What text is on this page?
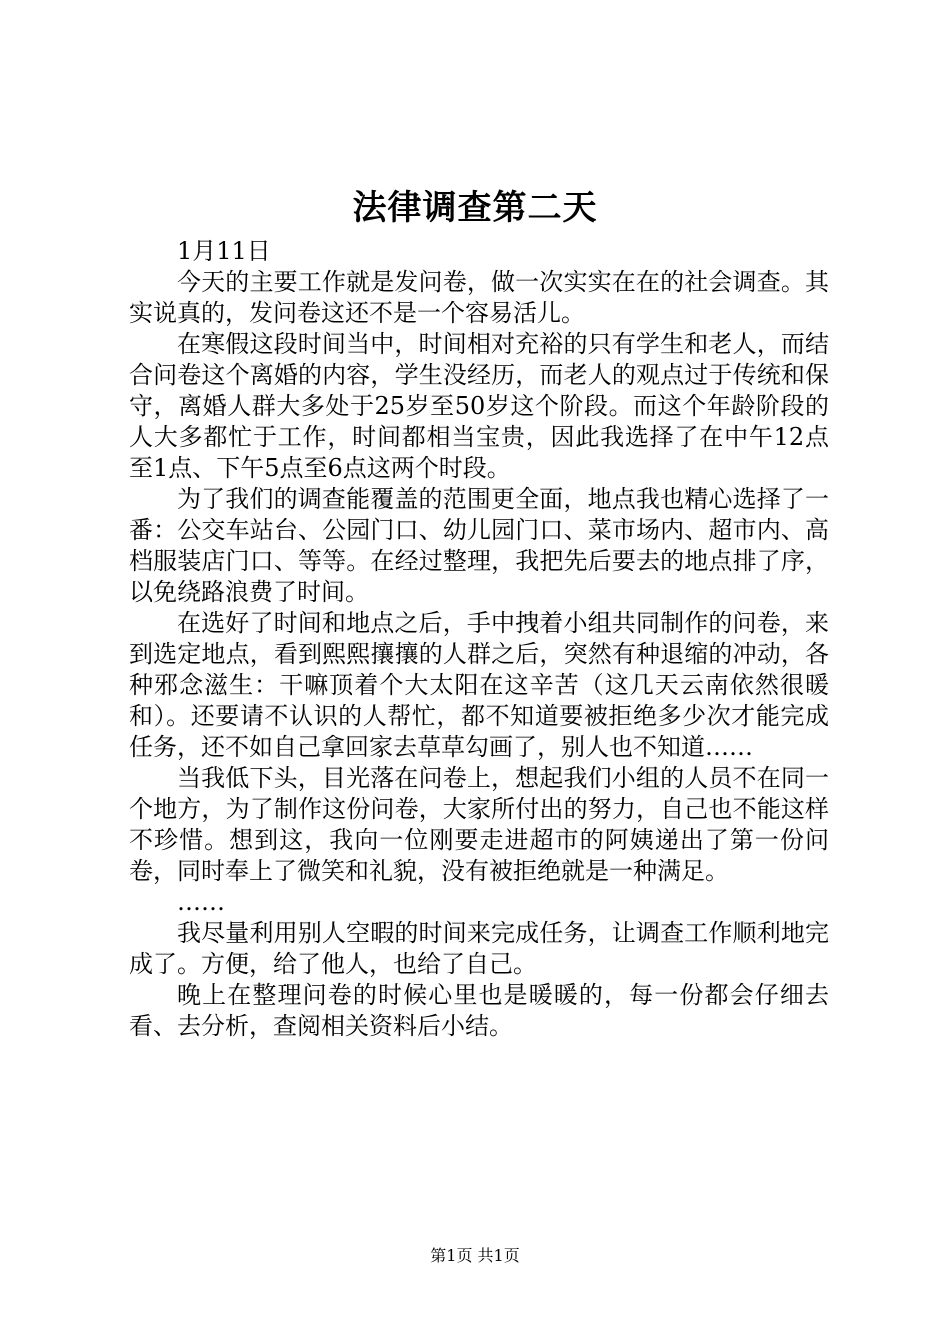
法律调查第二天

1月11日

今天的主要工作就是发问卷，做一次实实在在的社会调查。其实说真的，发问卷这还不是一个容易活儿。

在寒假这段时间当中，时间相对充裕的只有学生和老人，而结合问卷这个离婚的内容，学生没经历，而老人的观点过于传统和保守，离婚人群大多处于25岁至50岁这个阶段。而这个年龄阶段的人大多都忙于工作，时间都相当宝贵，因此我选择了在中午12点至1点、下午5点至6点这两个时段。

为了我们的调查能覆盖的范围更全面，地点我也精心选择了一番：公交车站台、公园门口、幼儿园门口、菜市场内、超市内、高档服装店门口、等等。在经过整理，我把先后要去的地点排了序，以免绕路浪费了时间。

在选好了时间和地点之后，手中拽着小组共同制作的问卷，来到选定地点，看到熙熙攘攘的人群之后，突然有种退缩的冲动，各种邪念滋生：干嘛顶着个大太阳在这辛苦（这几天云南依然很暖和）。还要请不认识的人帮忙，都不知道要被拒绝多少次才能完成任务，还不如自己拿回家去草草勾画了，别人也不知道……

当我低下头，目光落在问卷上，想起我们小组的人员不在同一个地方，为了制作这份问卷，大家所付出的努力，自己也不能这样不珍惜。想到这，我向一位刚要走进超市的阿姨递出了第一份问卷，同时奉上了微笑和礼貌，没有被拒绝就是一种满足。

……

我尽量利用别人空暇的时间来完成任务，让调查工作顺利地完成了。方便，给了他人，也给了自己。

晚上在整理问卷的时候心里也是暖暖的，每一份都会仔细去看、去分析，查阅相关资料后小结。

第1页 共1页
